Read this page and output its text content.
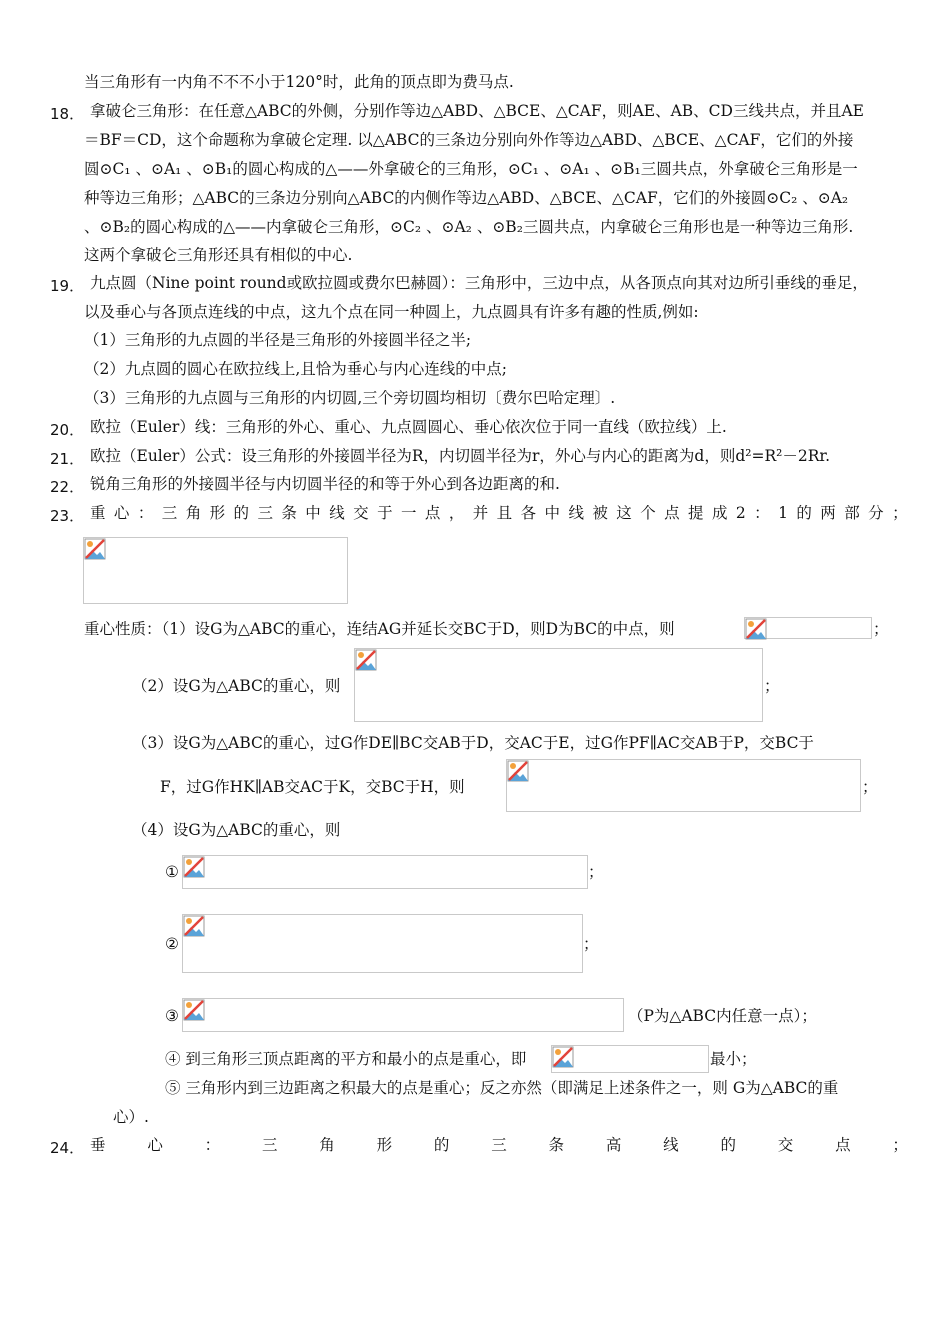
当三角形有一内角不不不小于120°时，此角的顶点即为费马点.
18． 拿破仑三角形：在任意△ABC的外侧，分别作等边△ABD、△BCE、△CAF，则AE、AB、CD三线共点，并且AE
＝BF＝CD，这个命题称为拿破仑定理. 以△ABC的三条边分别向外作等边△ABD、△BCE、△CAF，它们的外接
圆⊙C₁ 、⊙A₁ 、⊙B₁的圆心构成的△——外拿破仑的三角形，⊙C₁ 、⊙A₁ 、⊙B₁三圆共点，外拿破仑三角形是一
种等边三角形；△ABC的三条边分别向△ABC的内侧作等边△ABD、△BCE、△CAF，它们的外接圆⊙C₂ 、⊙A₂
、⊙B₂的圆心构成的△——内拿破仑三角形，⊙C₂ 、⊙A₂ 、⊙B₂三圆共点，内拿破仑三角形也是一种等边三角形.
这两个拿破仑三角形还具有相似的中心.
19． 九点圆（Nine point round或欧拉圆或费尔巴赫圆）：三角形中，三边中点，从各顶点向其对边所引垂线的垂足，
以及垂心与各顶点连线的中点，这九个点在同一种圆上，九点圆具有许多有趣的性质,例如:
（1）三角形的九点圆的半径是三角形的外接圆半径之半;
（2）九点圆的圆心在欧拉线上,且恰为垂心与内心连线的中点;
（3）三角形的九点圆与三角形的内切圆,三个旁切圆均相切〔费尔巴哈定理〕.
20． 欧拉（Euler）线：三角形的外心、重心、九点圆圆心、垂心依次位于同一直线（欧拉线）上.
21． 欧拉（Euler）公式：设三角形的外接圆半径为R，内切圆半径为r，外心与内心的距离为d，则d²=R²－2Rr.
22． 锐角三角形的外接圆半径与内切圆半径的和等于外心到各边距离的和.
23． 重 心 ： 三 角 形 的 三 条 中 线 交 于 一 点 ， 并 且 各 中 线 被 这 个 点 提 成 2 ： 1 的 两 部 分 ；
重心性质：（1）设G为△ABC的重心，连结AG并延长交BC于D，则D为BC的中点，则	；
（2）设G为△ABC的重心，则	；
（3）设G为△ABC的重心，过G作DE∥BC交AB于D，交AC于E，过G作PF∥AC交AB于P，交BC于
F，过G作HK∥AB交AC于K，交BC于H，则	；
（4）设G为△ABC的重心，则
①	；
②	；
③	（P为△ABC内任意一点）；
④ 到三角形三顶点距离的平方和最小的点是重心，即	最小；
⑤ 三角形内到三边距离之积最大的点是重心；反之亦然（即满足上述条件之一，则 G为△ABC的重
心）.
24． 垂	心	：	三	角	形	的	三	条	高	线	的	交	点	；
